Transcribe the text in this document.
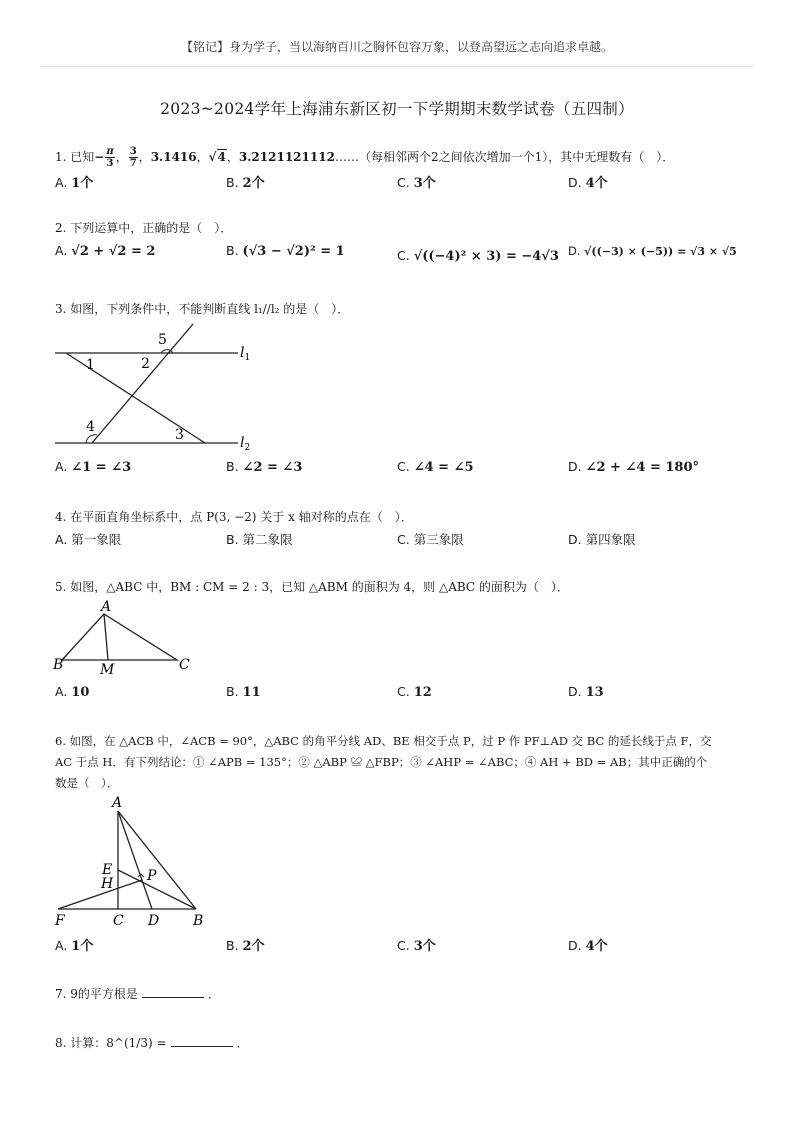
【铭记】身为学子，当以海纳百川之胸怀包容万象，以登高望远之志向追求卓越。
2023~2024学年上海浦东新区初一下学期期末数学试卷（五四制）
1. 已知− $\frac{\pi}{3}$ ， $\frac{3}{7}$ ，3.1416，√4，3.2121121112……（每相邻两个2之间依次增加一个1），其中无理数有（　）．
A. 1个	B. 2个	C. 3个	D. 4个
2. 下列运算中，正确的是（　）．
A. √2 + √2 = 2	B. (√3 − √2)² = 1	C. √((−4)² × 3) = −4√3 D. √((−3) × (−5)) = √3 × √5
3. 如图，下列条件中，不能判断直线 l₁//l₂ 的是（　）．
1	2
3
4
5
$l_1$
$l_2$
A. ∠1 = ∠3	B. ∠2 = ∠3	C. ∠4 = ∠5	D. ∠2 + ∠4 = 180°
4. 在平面直角坐标系中，点 P(3, −2) 关于 x 轴对称的点在（　）．
A. 第一象限	B. 第二象限	C. 第三象限	D. 第四象限
5. 如图，△ABC 中，BM : CM = 2 : 3，已知 △ABM 的面积为 4，则 △ABC 的面积为（　）．
A
B	C
M
A. 10	B. 11	C. 12	D. 13
6. 如图，在 △ACB 中，∠ACB = 90°，△ABC 的角平分线 AD、BE 相交于点 P，过 P 作 PF⊥AD 交 BC 的延长线于点 F，交
AC 于点 H．有下列结论：① ∠APB = 135°；② △ABP ≌ △FBP；③ ∠AHP = ∠ABC；④ AH + BD = AB；其中正确的个
数是（　）．
A
E
H P
F	C D B
A. 1个	B. 2个	C. 3个	D. 4个
7. 9的平方根是	．
8. 计算：8^(1/3) =	．
